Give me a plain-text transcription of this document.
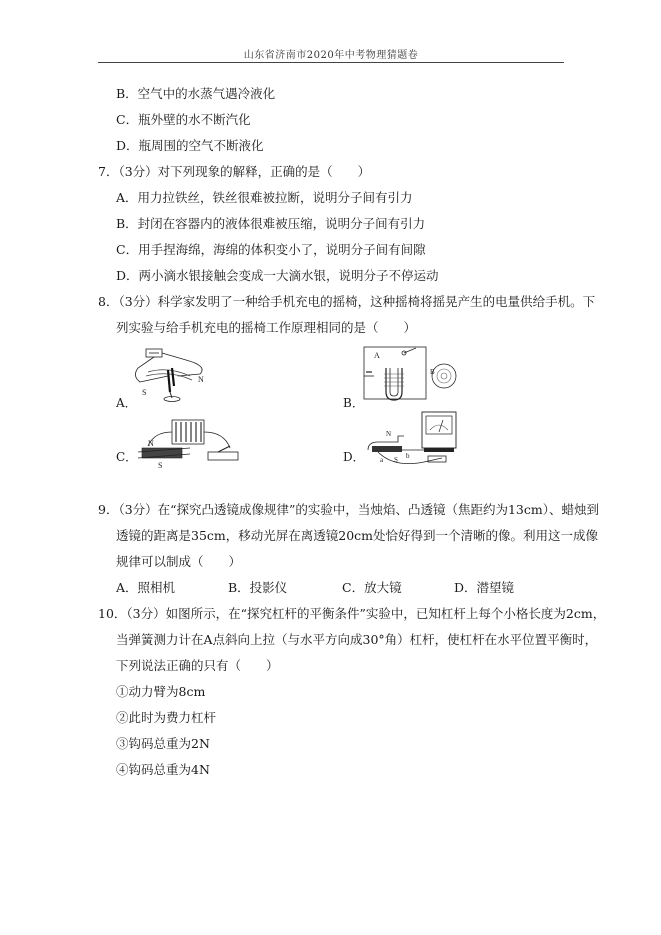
山东省济南市2020年中考物理猜题卷
B．空气中的水蒸气遇冷液化
C．瓶外壁的水不断汽化
D．瓶周围的空气不断液化
7．（3分）对下列现象的解释，正确的是（　　）
A．用力拉铁丝，铁丝很难被拉断，说明分子间有引力
B．封闭在容器内的液体很难被压缩，说明分子间有引力
C．用手捏海绵，海绵的体积变小了，说明分子间有间隙
D．两小滴水银接触会变成一大滴水银，说明分子不停运动
8．（3分）科学家发明了一种给手机充电的摇椅，这种摇椅将摇晃产生的电量供给手机。下
列实验与给手机充电的摇椅工作原理相同的是（　　）
S
N
A．
A
B
B．
N
S
C．
N
a S b
D．
9．（3分）在“探究凸透镜成像规律”的实验中，当烛焰、凸透镜（焦距约为13cm）、蜡烛到
透镜的距离是35cm，移动光屏在离透镜20cm处恰好得到一个清晰的像。利用这一成像
规律可以制成（　　）
A．照相机	B．投影仪	C．放大镜	D．潜望镜
10．（3分）如图所示，在“探究杠杆的平衡条件”实验中，已知杠杆上每个小格长度为2cm，
当弹簧测力计在A点斜向上拉（与水平方向成30°角）杠杆，使杠杆在水平位置平衡时，
下列说法正确的只有（　　）
①动力臂为8cm
②此时为费力杠杆
③钩码总重为2N
④钩码总重为4N
